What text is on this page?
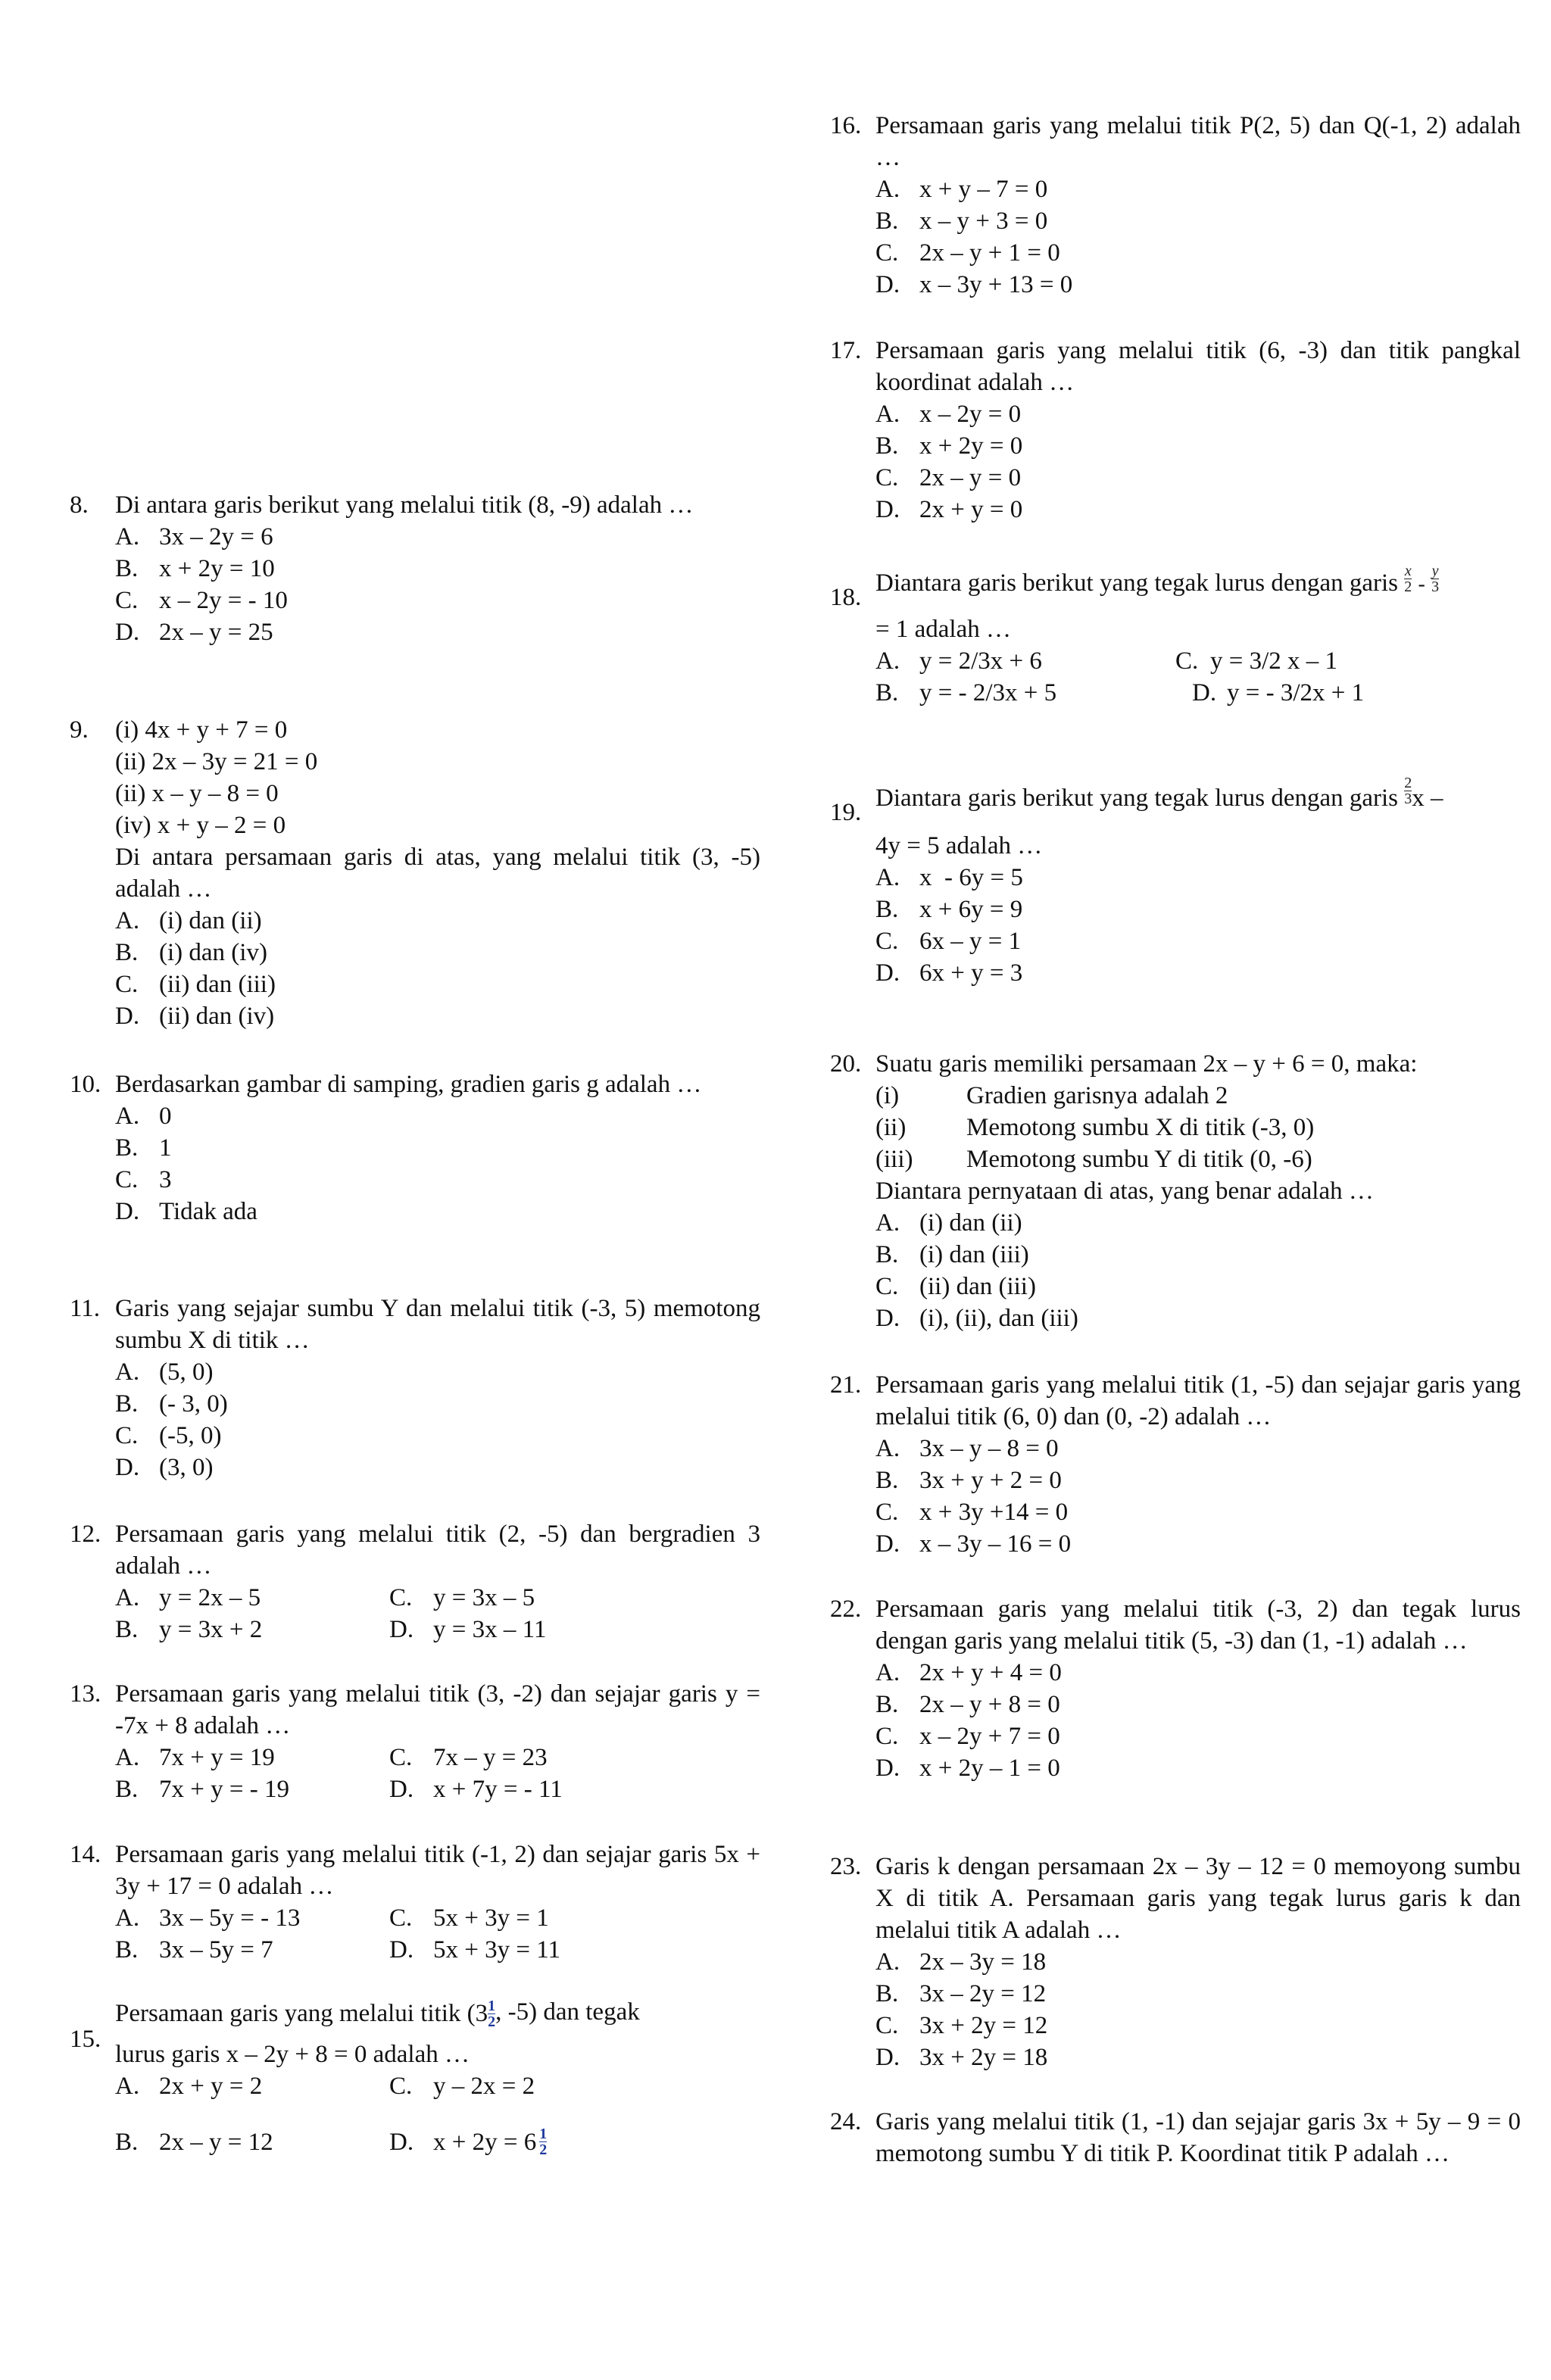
8. Di antara garis berikut yang melalui titik (8, -9) adalah …
A. 3x – 2y = 6
B. x + 2y = 10
C. x – 2y = - 10
D. 2x – y = 25
9. (i) 4x + y + 7 = 0
(ii) 2x – 3y = 21 = 0
(ii) x – y – 8 = 0
(iv) x + y – 2 = 0
Di antara persamaan garis di atas, yang melalui titik (3, -5) adalah …
A. (i) dan (ii)
B. (i) dan (iv)
C. (ii) dan (iii)
D. (ii) dan (iv)
10. Berdasarkan gambar di samping, gradien garis g adalah …
A. 0
B. 1
C. 3
D. Tidak ada
11. Garis yang sejajar sumbu Y dan melalui titik (-3, 5) memotong sumbu X di titik …
A. (5, 0)
B. (- 3, 0)
C. (-5, 0)
D. (3, 0)
12. Persamaan garis yang melalui titik (2, -5) dan bergradien 3 adalah …
A. y = 2x – 5	C. y = 3x – 5
B. y = 3x + 2	D. y = 3x – 11
13. Persamaan garis yang melalui titik (3, -2) dan sejajar garis y = -7x + 8 adalah …
A. 7x + y = 19	C. 7x – y = 23
B. 7x + y = - 19	D. x + 7y = - 11
14. Persamaan garis yang melalui titik (-1, 2) dan sejajar garis 5x + 3y + 17 = 0 adalah …
A. 3x – 5y = - 13	C. 5x + 3y = 1
B. 3x – 5y = 7	D. 5x + 3y = 11
15.
Persamaan garis yang melalui titik ($3 \frac{1}{2}$ , -5) dan tegak
lurus garis x – 2y + 8 = 0 adalah …
A. 2x + y = 2	C. y – 2x = 2
B. 2x – y = 12	D. $x + 2y = 6 \frac{1}{2}$
16. Persamaan garis yang melalui titik P(2, 5) dan Q(-1, 2) adalah …
A. x + y – 7 = 0
B. x – y + 3 = 0
C. 2x – y + 1 = 0
D. x – 3y + 13 = 0
17. Persamaan garis yang melalui titik (6, -3) dan titik pangkal koordinat adalah …
A. x – 2y = 0
B. x + 2y = 0
C. 2x – y = 0
D. 2x + y = 0
18.
Diantara garis berikut yang tegak lurus dengan garis $\frac{x}{2} - \frac{y}{3}$
= 1 adalah …
A. y = 2/3x + 6	C. y = 3/2 x – 1
B. y = - 2/3x + 5	D. y = - 3/2x + 1
19.
Diantara garis berikut yang tegak lurus dengan garis $\frac{2}{3}$ x –
4y = 5 adalah …
A. x  - 6y = 5
B. x + 6y = 9
C. 6x – y = 1
D. 6x + y = 3
20. Suatu garis memiliki persamaan 2x – y + 6 = 0, maka:
(i)	Gradien garisnya adalah 2
(ii)	Memotong sumbu X di titik (-3, 0)
(iii)	Memotong sumbu Y di titik (0, -6)
Diantara pernyataan di atas, yang benar adalah …
A. (i) dan (ii)
B. (i) dan (iii)
C. (ii) dan (iii)
D. (i), (ii), dan (iii)
21. Persamaan garis yang melalui titik (1, -5) dan sejajar garis yang melalui titik (6, 0) dan (0, -2) adalah …
A. 3x – y – 8 = 0
B. 3x + y + 2 = 0
C. x + 3y +14 = 0
D. x – 3y – 16 = 0
22. Persamaan garis yang melalui titik (-3, 2) dan tegak lurus dengan garis yang melalui titik (5, -3) dan (1, -1) adalah …
A. 2x + y + 4 = 0
B. 2x – y + 8 = 0
C. x – 2y + 7 = 0
D. x + 2y – 1 = 0
23. Garis k dengan persamaan 2x – 3y – 12 = 0 memoyong sumbu X di titik A. Persamaan garis yang tegak lurus garis k dan melalui titik A adalah …
A. 2x – 3y = 18
B. 3x – 2y = 12
C. 3x + 2y = 12
D. 3x + 2y = 18
24. Garis yang melalui titik (1, -1) dan sejajar garis 3x + 5y – 9 = 0 memotong sumbu Y di titik P. Koordinat titik P adalah …
